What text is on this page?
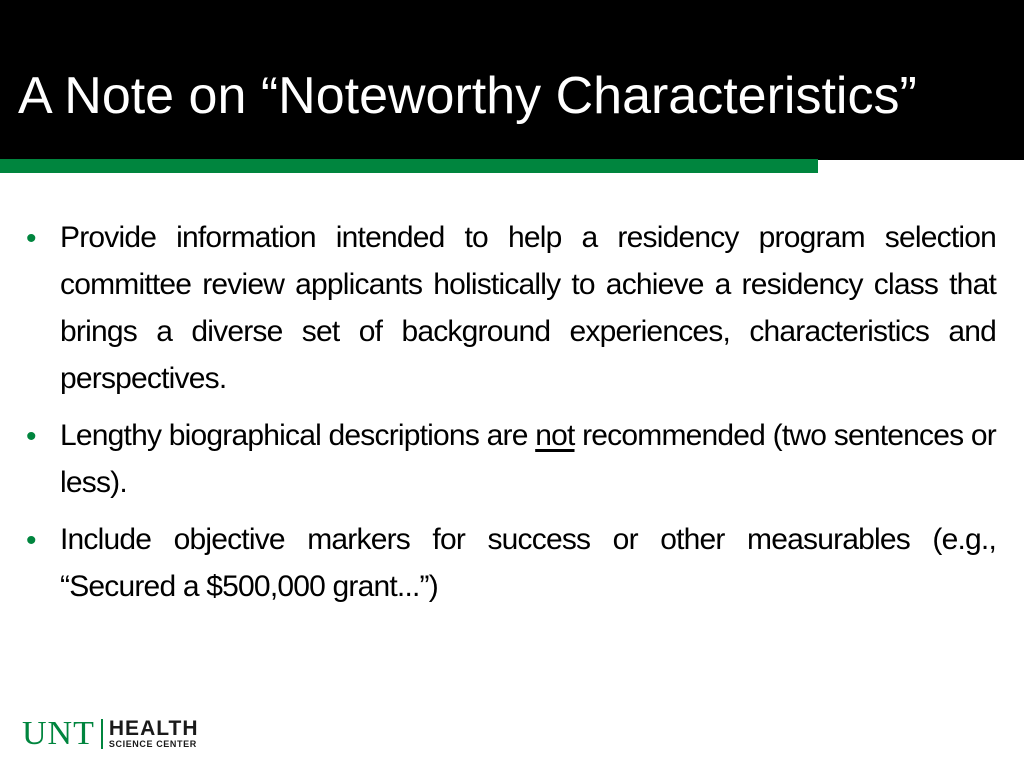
A Note on “Noteworthy Characteristics”
• Provide information intended to help a residency program selection committee review applicants holistically to achieve a residency class that brings a diverse set of background experiences, characteristics and perspectives.
• Lengthy biographical descriptions are not recommended (two sentences or less).
• Include objective markers for success or other measurables (e.g., “Secured a $500,000 grant...”)
UNT HEALTH
SCIENCE CENTER
